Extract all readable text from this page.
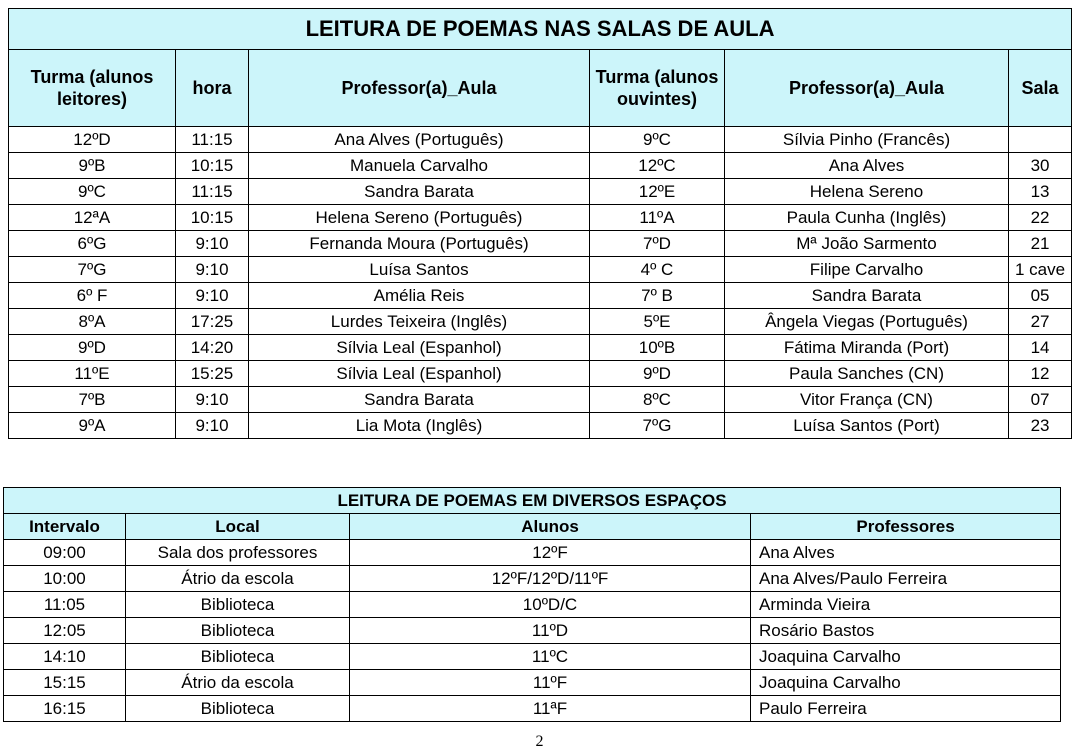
LEITURA DE POEMAS NAS SALAS DE AULA					
Turma (alunos leitores)	hora	Professor(a)_Aula	Turma (alunos ouvintes)	Professor(a)_Aula	Sala
12ºD	11:15	Ana Alves (Português)	9ºC	Sílvia Pinho (Francês)	
9ºB	10:15	Manuela Carvalho	12ºC	Ana Alves	30
9ºC	11:15	Sandra Barata	12ºE	Helena Sereno	13
12ªA	10:15	Helena Sereno (Português)	11ºA	Paula Cunha (Inglês)	22
6ºG	9:10	Fernanda Moura (Português)	7ºD	Mª João Sarmento	21
7ºG	9:10	Luísa Santos	4º C	Filipe Carvalho	1 cave
6º F	9:10	Amélia Reis	7º B	Sandra Barata	05
8ºA	17:25	Lurdes Teixeira (Inglês)	5ºE	Ângela Viegas (Português)	27
9ºD	14:20	Sílvia Leal (Espanhol)	10ºB	Fátima Miranda (Port)	14
11ºE	15:25	Sílvia Leal (Espanhol)	9ºD	Paula Sanches (CN)	12
7ºB	9:10	Sandra Barata	8ºC	Vitor França (CN)	07
9ºA	9:10	Lia Mota (Inglês)	7ºG	Luísa Santos (Port)	23
LEITURA DE POEMAS EM DIVERSOS ESPAÇOS			
Intervalo	Local	Alunos	Professores
09:00	Sala dos professores	12ºF	Ana Alves
10:00	Átrio da escola	12ºF/12ºD/11ºF	Ana Alves/Paulo Ferreira
11:05	Biblioteca	10ºD/C	Arminda Vieira
12:05	Biblioteca	11ºD	Rosário Bastos
14:10	Biblioteca	11ºC	Joaquina Carvalho
15:15	Átrio da escola	11ºF	Joaquina Carvalho
16:15	Biblioteca	11ªF	Paulo Ferreira
2
